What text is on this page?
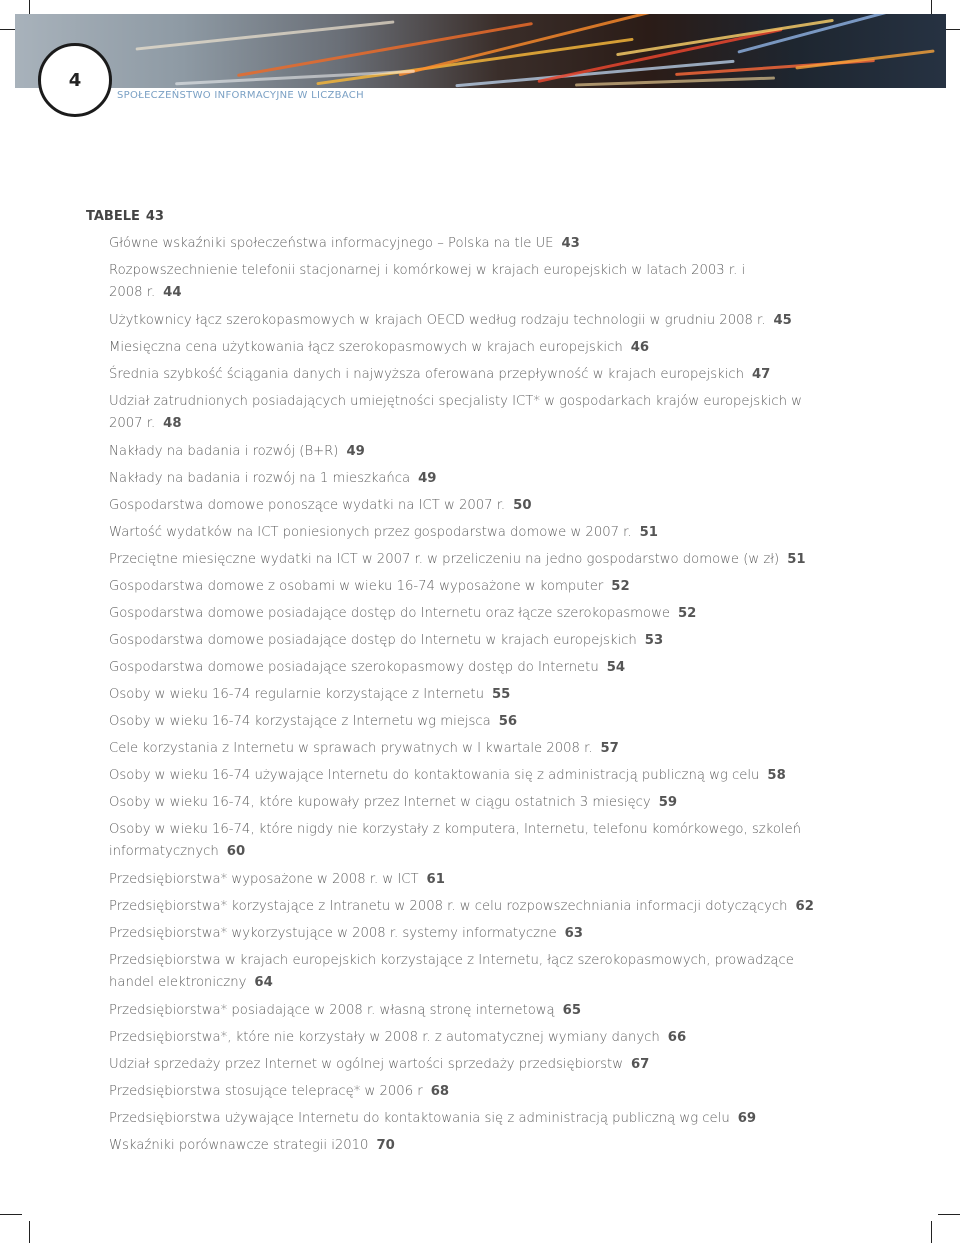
4
SPOŁECZEŃSTWO INFORMACYJNE W LICZBACH
TABELE 43
Główne wskaźniki społeczeństwa informacyjnego – Polska na tle UE 43
Rozpowszechnienie telefonii stacjonarnej i komórkowej w krajach europejskich w latach 2003 r. i 2008 r. 44
Użytkownicy łącz szerokopasmowych w krajach OECD według rodzaju technologii w grudniu 2008 r. 45
Miesięczna cena użytkowania łącz szerokopasmowych w krajach europejskich 46
Średnia szybkość ściągania danych i najwyższa oferowana przepływność w krajach europejskich 47
Udział zatrudnionych posiadających umiejętności specjalisty ICT* w gospodarkach krajów europejskich w 2007 r. 48
Nakłady na badania i rozwój (B+R) 49
Nakłady na badania i rozwój na 1 mieszkańca 49
Gospodarstwa domowe ponoszące wydatki na ICT w 2007 r. 50
Wartość wydatków na ICT poniesionych przez gospodarstwa domowe w 2007 r. 51
Przeciętne miesięczne wydatki na ICT w 2007 r. w przeliczeniu na jedno gospodarstwo domowe (w zł) 51
Gospodarstwa domowe z osobami w wieku 16-74 wyposażone w komputer 52
Gospodarstwa domowe posiadające dostęp do Internetu oraz łącze szerokopasmowe 52
Gospodarstwa domowe posiadające dostęp do Internetu w krajach europejskich 53
Gospodarstwa domowe posiadające szerokopasmowy dostęp do Internetu 54
Osoby w wieku 16-74 regularnie korzystające z Internetu 55
Osoby w wieku 16-74 korzystające z Internetu wg miejsca 56
Cele korzystania z Internetu w sprawach prywatnych w I kwartale 2008 r. 57
Osoby w wieku 16-74 używające Internetu do kontaktowania się z administracją publiczną wg celu 58
Osoby w wieku 16-74, które kupowały przez Internet w ciągu ostatnich 3 miesięcy 59
Osoby w wieku 16-74, które nigdy nie korzystały z komputera, Internetu, telefonu komórkowego, szkoleń informatycznych 60
Przedsiębiorstwa* wyposażone w 2008 r. w ICT 61
Przedsiębiorstwa* korzystające z Intranetu w 2008 r. w celu rozpowszechniania informacji dotyczących 62
Przedsiębiorstwa* wykorzystujące w 2008 r. systemy informatyczne 63
Przedsiębiorstwa w krajach europejskich korzystające z Internetu, łącz szerokopasmowych, prowadzące handel elektroniczny 64
Przedsiębiorstwa* posiadające w 2008 r. własną stronę internetową 65
Przedsiębiorstwa*, które nie korzystały w 2008 r. z automatycznej wymiany danych 66
Udział sprzedaży przez Internet w ogólnej wartości sprzedaży przedsiębiorstw 67
Przedsiębiorstwa stosujące telepracę* w 2006 r 68
Przedsiębiorstwa używające Internetu do kontaktowania się z administracją publiczną wg celu 69
Wskaźniki porównawcze strategii i2010 70
